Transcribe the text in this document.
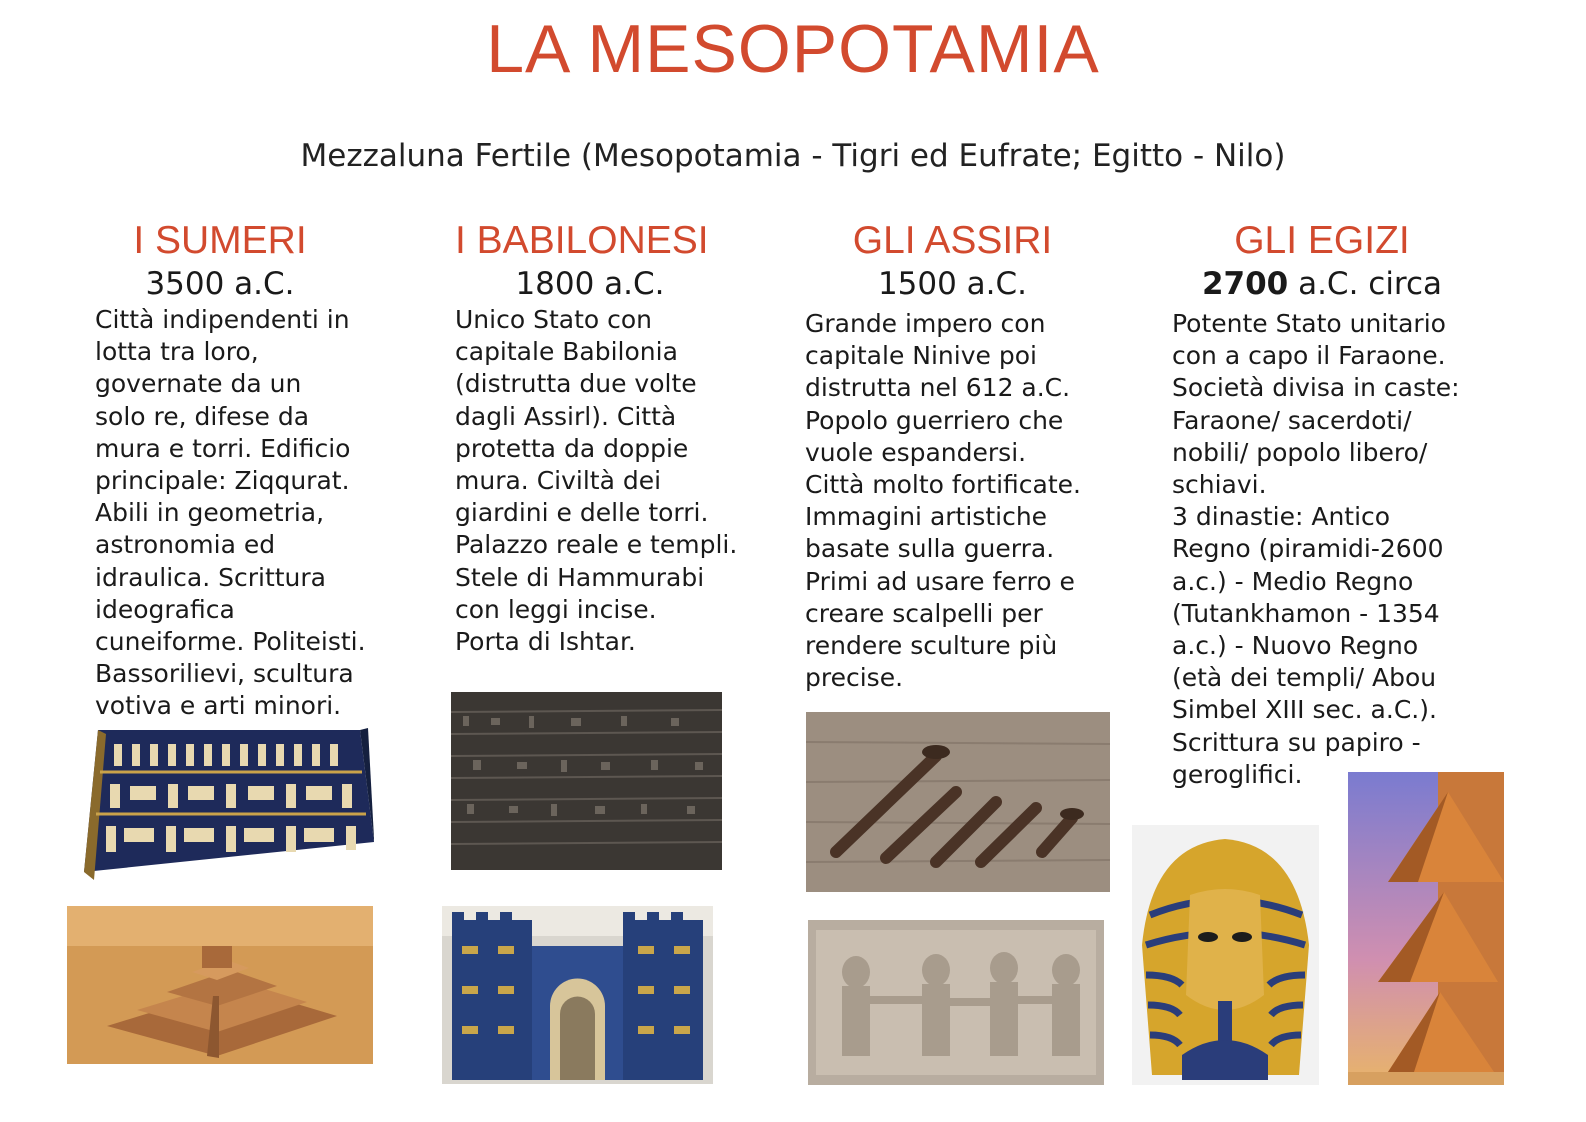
LA MESOPOTAMIA
Mezzaluna Fertile (Mesopotamia - Tigri ed Eufrate; Egitto - Nilo)
I SUMERI
3500 a.C.
Città indipendenti in
lotta tra loro,
governate da un
solo re, difese da
mura e torri. Edificio
principale: Ziqqurat.
Abili in geometria,
astronomia ed
idraulica. Scrittura
ideografica
cuneiforme. Politeisti.
Bassorilievi, scultura
votiva e arti minori.
I BABILONESI
1800 a.C.
Unico Stato con
capitale Babilonia
(distrutta due volte
dagli Assirl). Città
protetta da doppie
mura. Civiltà dei
giardini e delle torri.
Palazzo reale e templi.
Stele di Hammurabi
con leggi incise.
Porta di Ishtar.
GLI ASSIRI
1500 a.C.
Grande impero con
capitale Ninive poi
distrutta nel 612 a.C.
Popolo guerriero che
vuole espandersi.
Città molto fortificate.
Immagini artistiche
basate sulla guerra.
Primi ad usare ferro e
creare scalpelli per
rendere sculture più
precise.
GLI EGIZI
2700 a.C. circa
Potente Stato unitario
con a capo il Faraone.
Società divisa in caste:
Faraone/ sacerdoti/
nobili/ popolo libero/
schiavi.
3 dinastie: Antico
Regno (piramidi-2600
a.c.) - Medio Regno
(Tutankhamon - 1354
a.c.) - Nuovo Regno
(età dei templi/ Abou
Simbel XIII sec. a.C.).
Scrittura su papiro -
geroglifici.
